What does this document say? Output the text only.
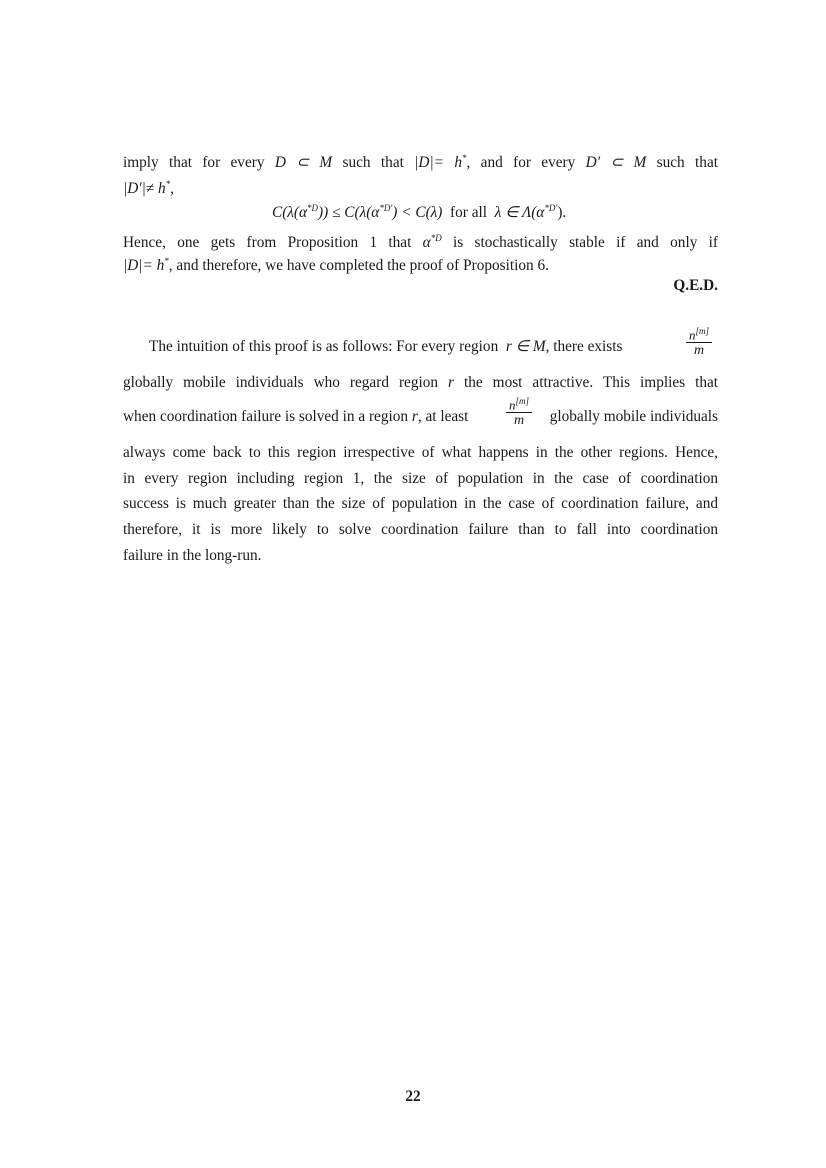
imply that for every D ⊂ M such that |D|= h*, and for every D′ ⊂ M such that
|D′|≠ h*,
$C(\lambda(\alpha^{*D})) \le C(\lambda(\alpha^{*D'}) < C(\lambda)$ for all λ ∈ $\Lambda(\alpha^{*D'})$.
Hence, one gets from Proposition 1 that $\alpha^{*D}$ is stochastically stable if and only if
|D|= h*, and therefore, we have completed the proof of Proposition 6.
Q.E.D.
The intuition of this proof is as follows: For every region r ∈ M, there exists	$\frac{n^{[m]}}{m}$
globally mobile individuals who regard region r the most attractive. This implies that
when coordination failure is solved in a region r, at least	$\frac{n^{[m]}}{m}$	globally mobile individuals
always come back to this region irrespective of what happens in the other regions. Hence,
in every region including region 1, the size of population in the case of coordination
success is much greater than the size of population in the case of coordination failure, and
therefore, it is more likely to solve coordination failure than to fall into coordination
failure in the long-run.
22
